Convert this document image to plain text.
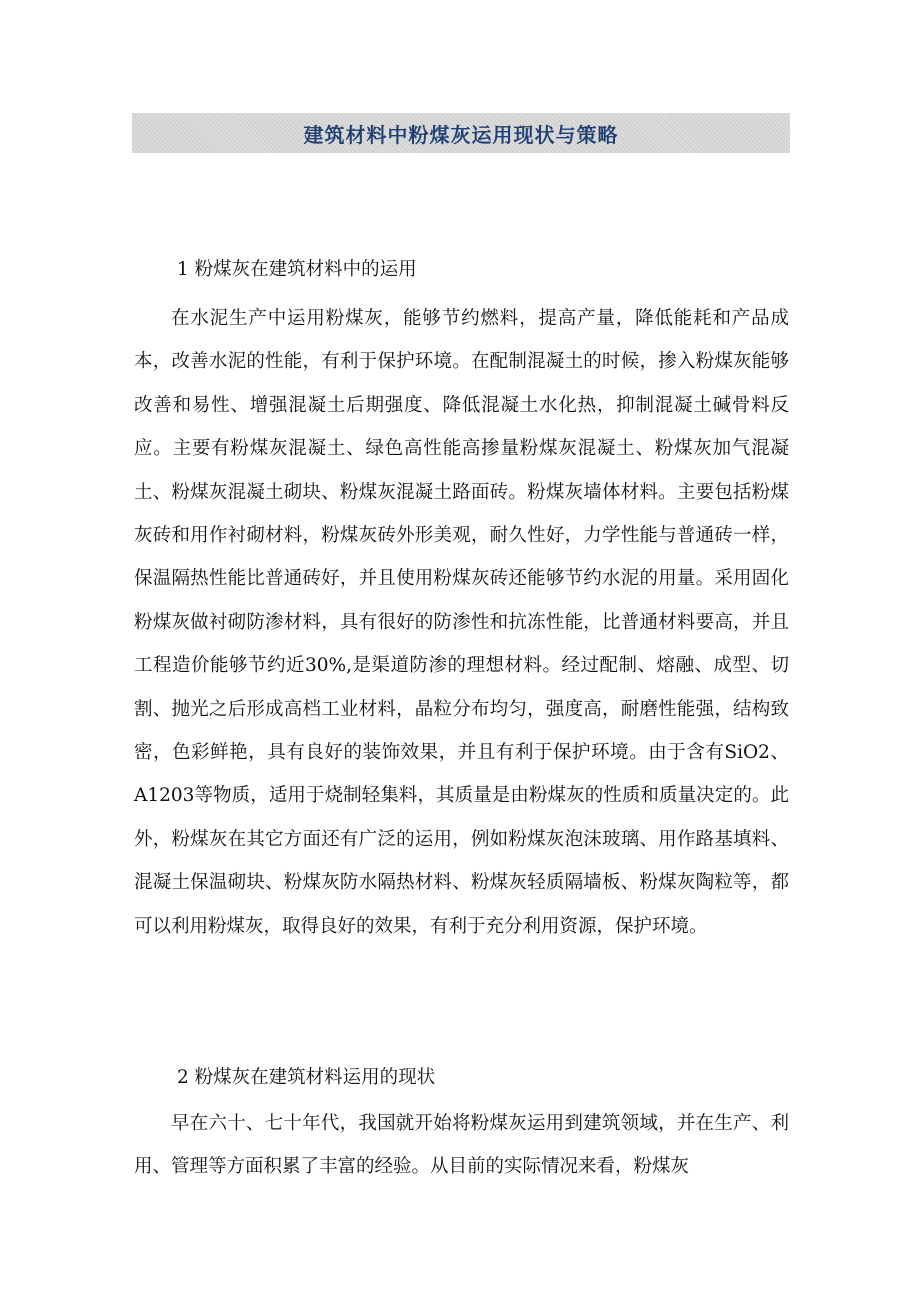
建筑材料中粉煤灰运用现状与策略
1 粉煤灰在建筑材料中的运用

在水泥生产中运用粉煤灰，能够节约燃料，提高产量，降低能耗和产品成本，改善水泥的性能，有利于保护环境。在配制混凝土的时候，掺入粉煤灰能够改善和易性、增强混凝土后期强度、降低混凝土水化热，抑制混凝土碱骨料反应。主要有粉煤灰混凝土、绿色高性能高掺量粉煤灰混凝土、粉煤灰加气混凝土、粉煤灰混凝土砌块、粉煤灰混凝土路面砖。粉煤灰墙体材料。主要包括粉煤灰砖和用作衬砌材料，粉煤灰砖外形美观，耐久性好，力学性能与普通砖一样，保温隔热性能比普通砖好，并且使用粉煤灰砖还能够节约水泥的用量。采用固化粉煤灰做衬砌防渗材料，具有很好的防渗性和抗冻性能，比普通材料要高，并且工程造价能够节约近30%,是渠道防渗的理想材料。经过配制、熔融、成型、切割、抛光之后形成高档工业材料，晶粒分布均匀，强度高，耐磨性能强，结构致密，色彩鲜艳，具有良好的装饰效果，并且有利于保护环境。由于含有SiO2、A1203等物质，适用于烧制轻集料，其质量是由粉煤灰的性质和质量决定的。此外，粉煤灰在其它方面还有广泛的运用，例如粉煤灰泡沫玻璃、用作路基填料、混凝土保温砌块、粉煤灰防水隔热材料、粉煤灰轻质隔墙板、粉煤灰陶粒等，都可以利用粉煤灰，取得良好的效果，有利于充分利用资源，保护环境。

2 粉煤灰在建筑材料运用的现状

早在六十、七十年代，我国就开始将粉煤灰运用到建筑领域，并在生产、利用、管理等方面积累了丰富的经验。从目前的实际情况来看，粉煤灰
